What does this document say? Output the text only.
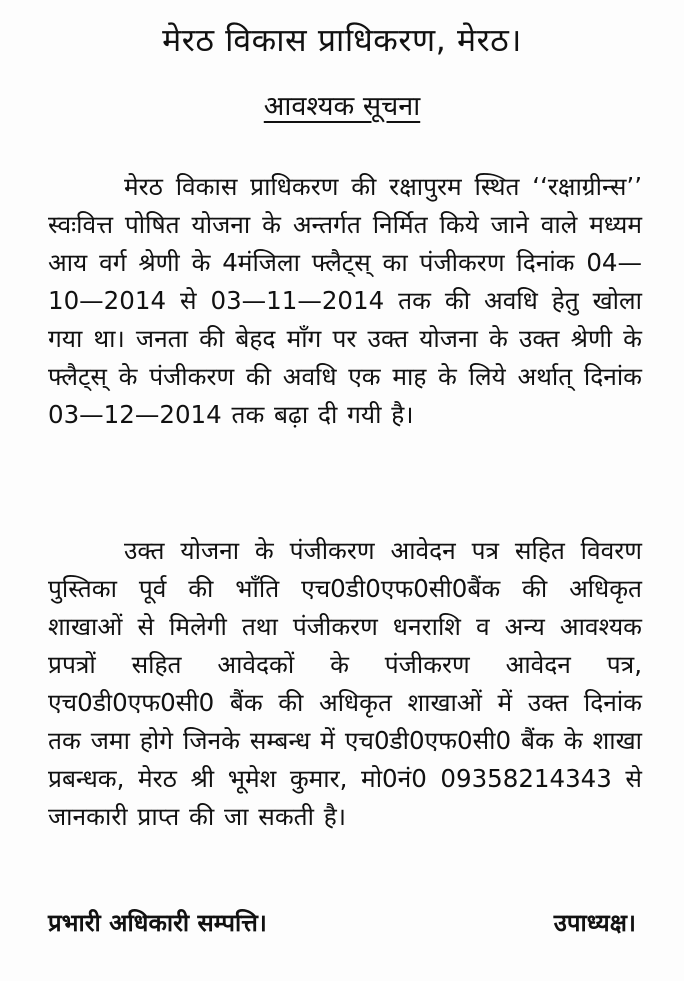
मेरठ विकास प्राधिकरण, मेरठ।
आवश्यक सूचना

मेरठ विकास प्राधिकरण की रक्षापुरम स्थित ‘‘रक्षाग्रीन्स’’ स्वःवित्त पोषित योजना के अन्तर्गत निर्मित किये जाने वाले मध्यम आय वर्ग श्रेणी के 4मंजिला फ्लैट्स् का पंजीकरण दिनांक 04—10—2014 से 03—11—2014 तक की अवधि हेतु खोला गया था। जनता की बेहद माँग पर उक्त योजना के उक्त श्रेणी के फ्लैट्स् के पंजीकरण की अवधि एक माह के लिये अर्थात् दिनांक 03—12—2014 तक बढ़ा दी गयी है।

उक्त योजना के पंजीकरण आवेदन पत्र सहित विवरण पुस्तिका पूर्व की भाँति एच0डी0एफ0सी0बैंक की अधिकृत शाखाओं से मिलेगी तथा पंजीकरण धनराशि व अन्य आवश्यक प्रपत्रों सहित आवेदकों के पंजीकरण आवेदन पत्र, एच0डी0एफ0सी0 बैंक की अधिकृत शाखाओं में उक्त दिनांक तक जमा होगे जिनके सम्बन्ध में एच0डी0एफ0सी0 बैंक के शाखा प्रबन्धक, मेरठ श्री भूमेश कुमार, मो0नं0 09358214343 से जानकारी प्राप्त की जा सकती है।

प्रभारी अधिकारी सम्पत्ति।	उपाध्यक्ष।
